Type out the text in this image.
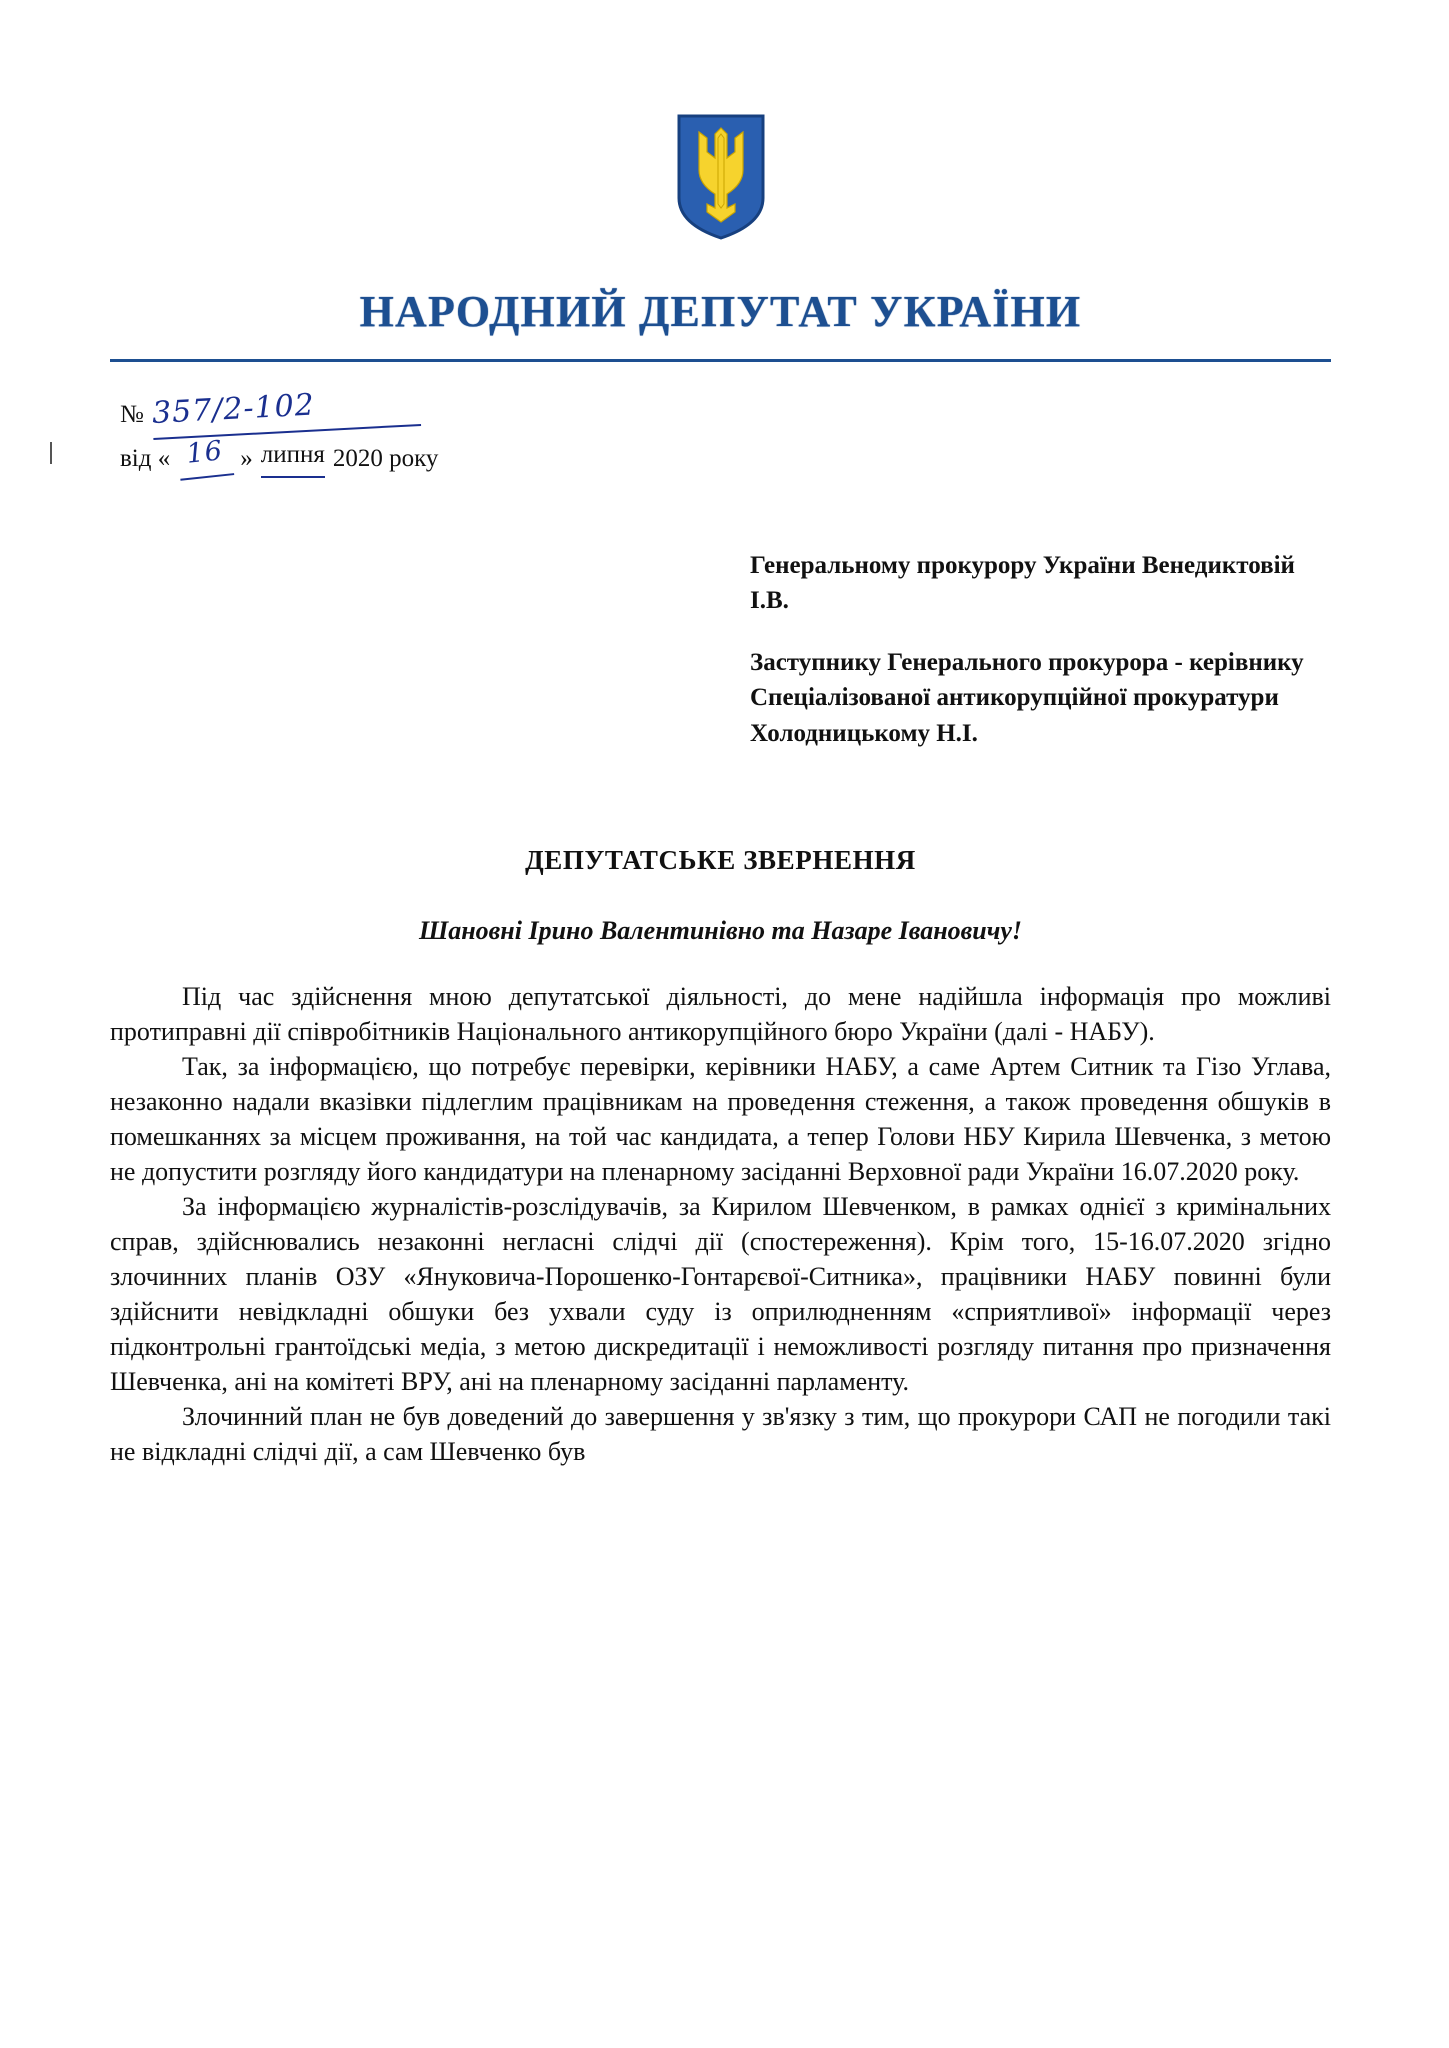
НАРОДНИЙ ДЕПУТАТ УКРАЇНИ
№ 357/2-102
від « 16 » липня 2020 року

Генеральному прокурору України Венедиктовій І.В.

Заступнику Генерального прокурора - керівнику Спеціалізованої антикорупційної прокуратури Холодницькому Н.І.

ДЕПУТАТСЬКЕ ЗВЕРНЕННЯ
Шановні Ірино Валентинівно та Назаре Івановичу!

Під час здійснення мною депутатської діяльності, до мене надійшла інформація про можливі протиправні дії співробітників Національного антикорупційного бюро України (далі - НАБУ).

Так, за інформацією, що потребує перевірки, керівники НАБУ, а саме Артем Ситник та Гізо Углава, незаконно надали вказівки підлеглим працівникам на проведення стеження, а також проведення обшуків в помешканнях за місцем проживання, на той час кандидата, а тепер Голови НБУ Кирила Шевченка, з метою не допустити розгляду його кандидатури на пленарному засіданні Верховної ради України 16.07.2020 року.

За інформацією журналістів-розслідувачів, за Кирилом Шевченком, в рамках однієї з кримінальних справ, здійснювались незаконні негласні слідчі дії (спостереження). Крім того, 15-16.07.2020 згідно злочинних планів ОЗУ «Януковича-Порошенко-Гонтарєвої-Ситника», працівники НАБУ повинні були здійснити невідкладні обшуки без ухвали суду із оприлюдненням «сприятливої» інформації через підконтрольні грантоїдські медіа, з метою дискредитації і неможливості розгляду питання про призначення Шевченка, ані на комітеті ВРУ, ані на пленарному засіданні парламенту.

Злочинний план не був доведений до завершення у зв'язку з тим, що прокурори САП не погодили такі не відкладні слідчі дії, а сам Шевченко був
